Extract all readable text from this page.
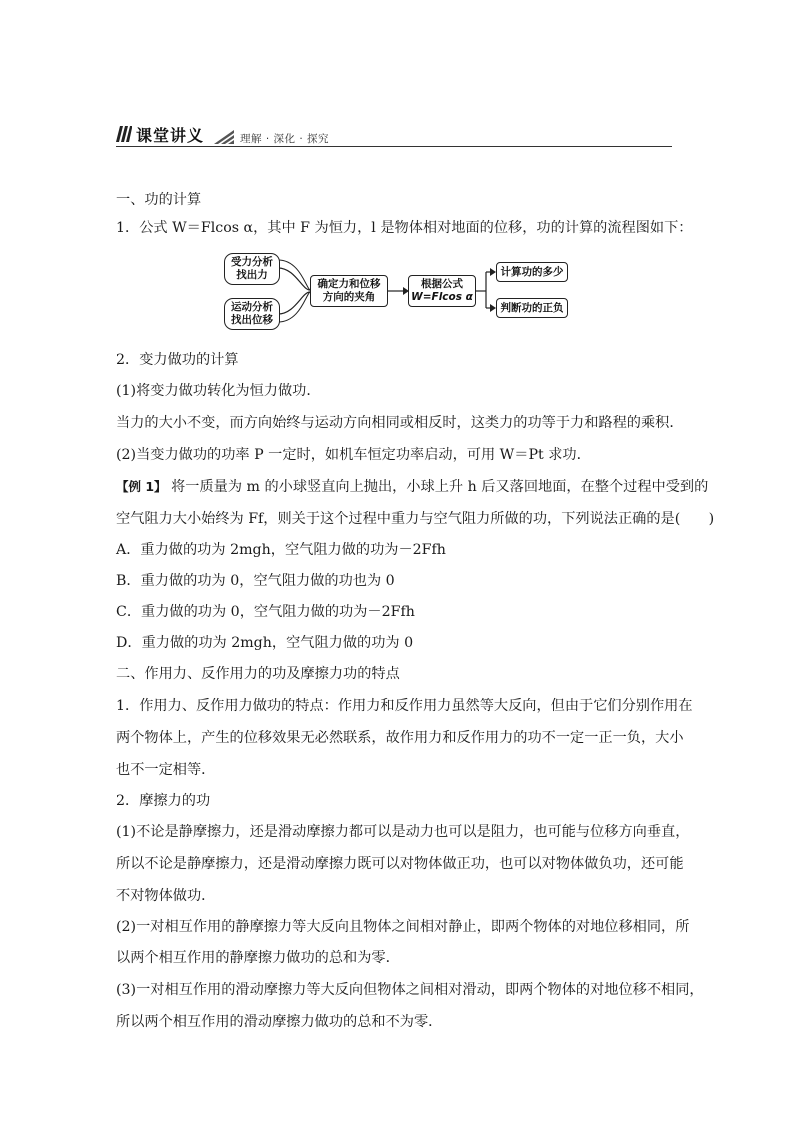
课堂讲义	理解 · 深化 · 探究
一、功的计算
1．公式 W＝Flcos α，其中 F 为恒力，l 是物体相对地面的位移，功的计算的流程图如下：
受力分析
找出力
运动分析
找出位移
确定力和位移
方向的夹角
根据公式
W=Flcos α
计算功的多少
判断功的正负
2．变力做功的计算
(1)将变力做功转化为恒力做功．
当力的大小不变，而方向始终与运动方向相同或相反时，这类力的功等于力和路程的乘积．
(2)当变力做功的功率 P 一定时，如机车恒定功率启动，可用 W＝Pt 求功．
【例 1】 将一质量为 m 的小球竖直向上抛出，小球上升 h 后又落回地面，在整个过程中受到的
空气阻力大小始终为 Ff，则关于这个过程中重力与空气阻力所做的功，下列说法正确的是(　　)
A．重力做的功为 2mgh，空气阻力做的功为－2Ffh
B．重力做的功为 0，空气阻力做的功也为 0
C．重力做的功为 0，空气阻力做的功为－2Ffh
D．重力做的功为 2mgh，空气阻力做的功为 0
二、作用力、反作用力的功及摩擦力功的特点
1．作用力、反作用力做功的特点：作用力和反作用力虽然等大反向，但由于它们分别作用在
两个物体上，产生的位移效果无必然联系，故作用力和反作用力的功不一定一正一负，大小
也不一定相等．
2．摩擦力的功
(1)不论是静摩擦力，还是滑动摩擦力都可以是动力也可以是阻力，也可能与位移方向垂直，
所以不论是静摩擦力，还是滑动摩擦力既可以对物体做正功，也可以对物体做负功，还可能
不对物体做功．
(2)一对相互作用的静摩擦力等大反向且物体之间相对静止，即两个物体的对地位移相同，所
以两个相互作用的静摩擦力做功的总和为零．
(3)一对相互作用的滑动摩擦力等大反向但物体之间相对滑动，即两个物体的对地位移不相同，
所以两个相互作用的滑动摩擦力做功的总和不为零．
